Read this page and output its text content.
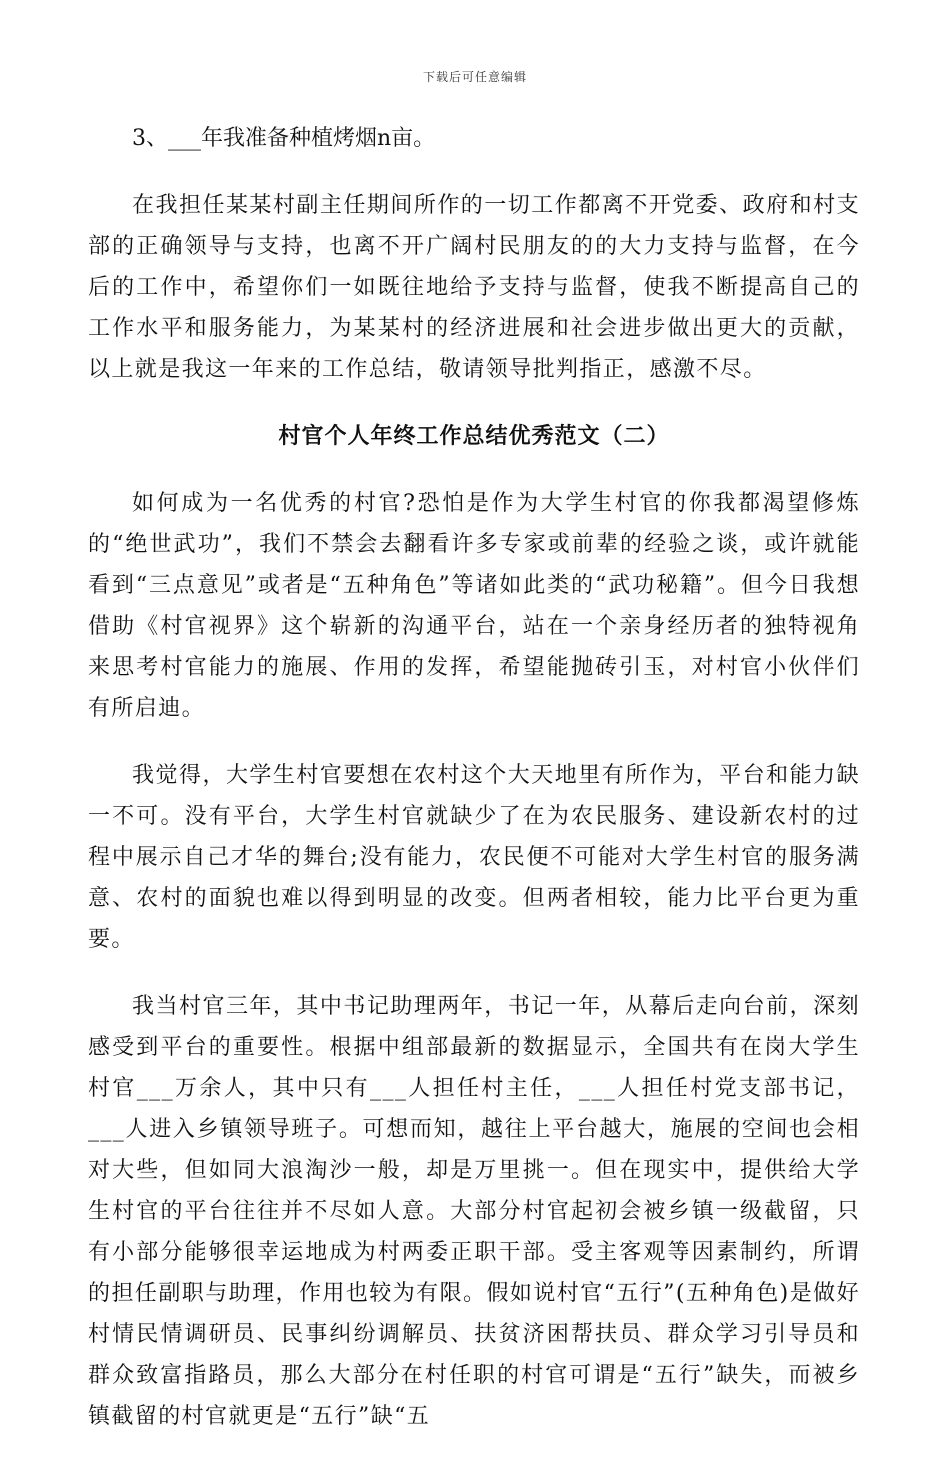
下载后可任意编辑
3、___年我准备种植烤烟n亩。
在我担任某某村副主任期间所作的一切工作都离不开党委、政府和村支部的正确领导与支持，也离不开广阔村民朋友的的大力支持与监督，在今后的工作中，希望你们一如既往地给予支持与监督，使我不断提高自己的工作水平和服务能力，为某某村的经济进展和社会进步做出更大的贡献，以上就是我这一年来的工作总结，敬请领导批判指正，感激不尽。
村官个人年终工作总结优秀范文（二）
如何成为一名优秀的村官?恐怕是作为大学生村官的你我都渴望修炼的“绝世武功”，我们不禁会去翻看许多专家或前辈的经验之谈，或许就能看到“三点意见”或者是“五种角色”等诸如此类的“武功秘籍”。但今日我想借助《村官视界》这个崭新的沟通平台，站在一个亲身经历者的独特视角来思考村官能力的施展、作用的发挥，希望能抛砖引玉，对村官小伙伴们有所启迪。
我觉得，大学生村官要想在农村这个大天地里有所作为，平台和能力缺一不可。没有平台，大学生村官就缺少了在为农民服务、建设新农村的过程中展示自己才华的舞台;没有能力，农民便不可能对大学生村官的服务满意、农村的面貌也难以得到明显的改变。但两者相较，能力比平台更为重要。
我当村官三年，其中书记助理两年，书记一年，从幕后走向台前，深刻感受到平台的重要性。根据中组部最新的数据显示，全国共有在岗大学生村官___万余人，其中只有___人担任村主任，___人担任村党支部书记，___人进入乡镇领导班子。可想而知，越往上平台越大，施展的空间也会相对大些，但如同大浪淘沙一般，却是万里挑一。但在现实中，提供给大学生村官的平台往往并不尽如人意。大部分村官起初会被乡镇一级截留，只有小部分能够很幸运地成为村两委正职干部。受主客观等因素制约，所谓的担任副职与助理，作用也较为有限。假如说村官“五行”(五种角色)是做好村情民情调研员、民事纠纷调解员、扶贫济困帮扶员、群众学习引导员和群众致富指路员，那么大部分在村任职的村官可谓是“五行”缺失，而被乡镇截留的村官就更是“五行”缺“五
